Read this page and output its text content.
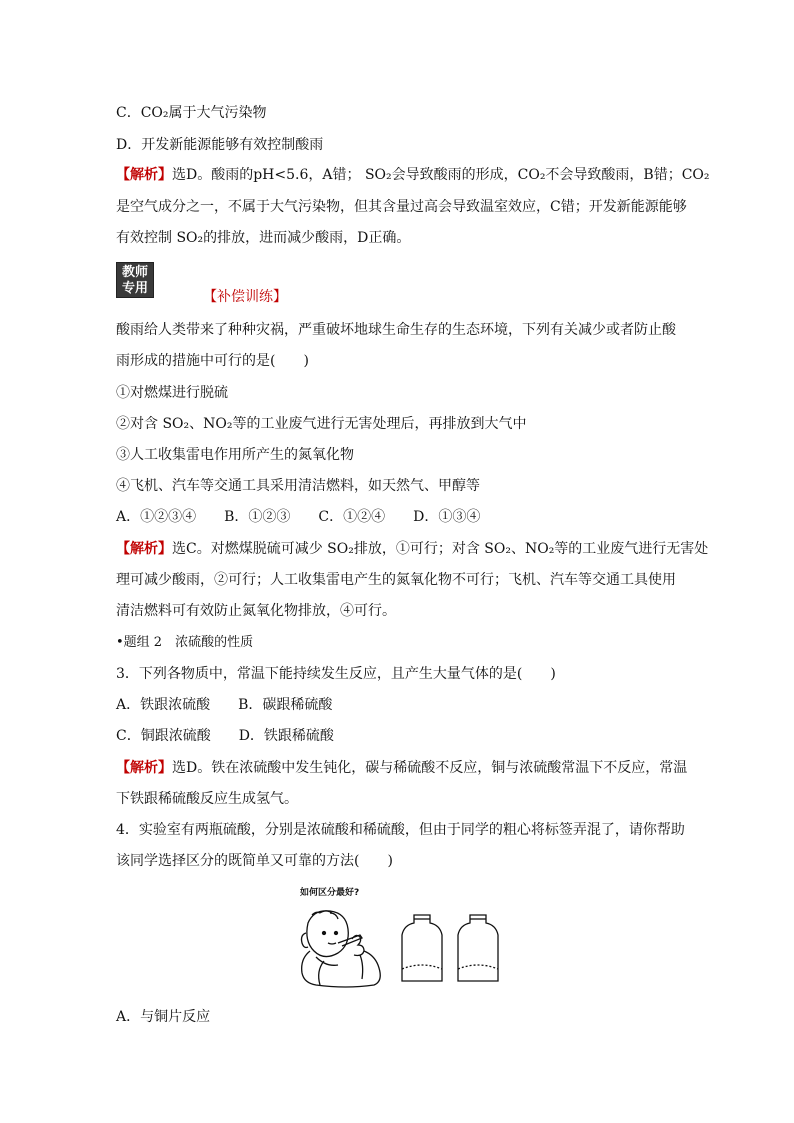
C．CO₂属于大气污染物
D．开发新能源能够有效控制酸雨
【解析】选D。酸雨的pH<5.6，A错； SO₂会导致酸雨的形成，CO₂不会导致酸雨，B错；CO₂
是空气成分之一，不属于大气污染物，但其含量过高会导致温室效应，C错；开发新能源能够
有效控制 SO₂的排放，进而减少酸雨，D正确。
教师
专用
【补偿训练】
酸雨给人类带来了种种灾祸，严重破坏地球生命生存的生态环境，下列有关减少或者防止酸
雨形成的措施中可行的是(　　)
①对燃煤进行脱硫
②对含 SO₂、NO₂等的工业废气进行无害处理后，再排放到大气中
③人工收集雷电作用所产生的氮氧化物
④飞机、汽车等交通工具采用清洁燃料，如天然气、甲醇等
A．①②③④　　B．①②③　　C．①②④　　D．①③④
【解析】选C。对燃煤脱硫可减少 SO₂排放，①可行；对含 SO₂、NO₂等的工业废气进行无害处
理可减少酸雨，②可行；人工收集雷电产生的氮氧化物不可行；飞机、汽车等交通工具使用
清洁燃料可有效防止氮氧化物排放，④可行。
•题组 2　浓硫酸的性质
3．下列各物质中，常温下能持续发生反应，且产生大量气体的是(　　)
A．铁跟浓硫酸　　B．碳跟稀硫酸
C．铜跟浓硫酸　　D．铁跟稀硫酸
【解析】选D。铁在浓硫酸中发生钝化，碳与稀硫酸不反应，铜与浓硫酸常温下不反应，常温
下铁跟稀硫酸反应生成氢气。
4．实验室有两瓶硫酸，分别是浓硫酸和稀硫酸，但由于同学的粗心将标签弄混了，请你帮助
该同学选择区分的既简单又可靠的方法(　　)
如何区分最好?
A．与铜片反应
